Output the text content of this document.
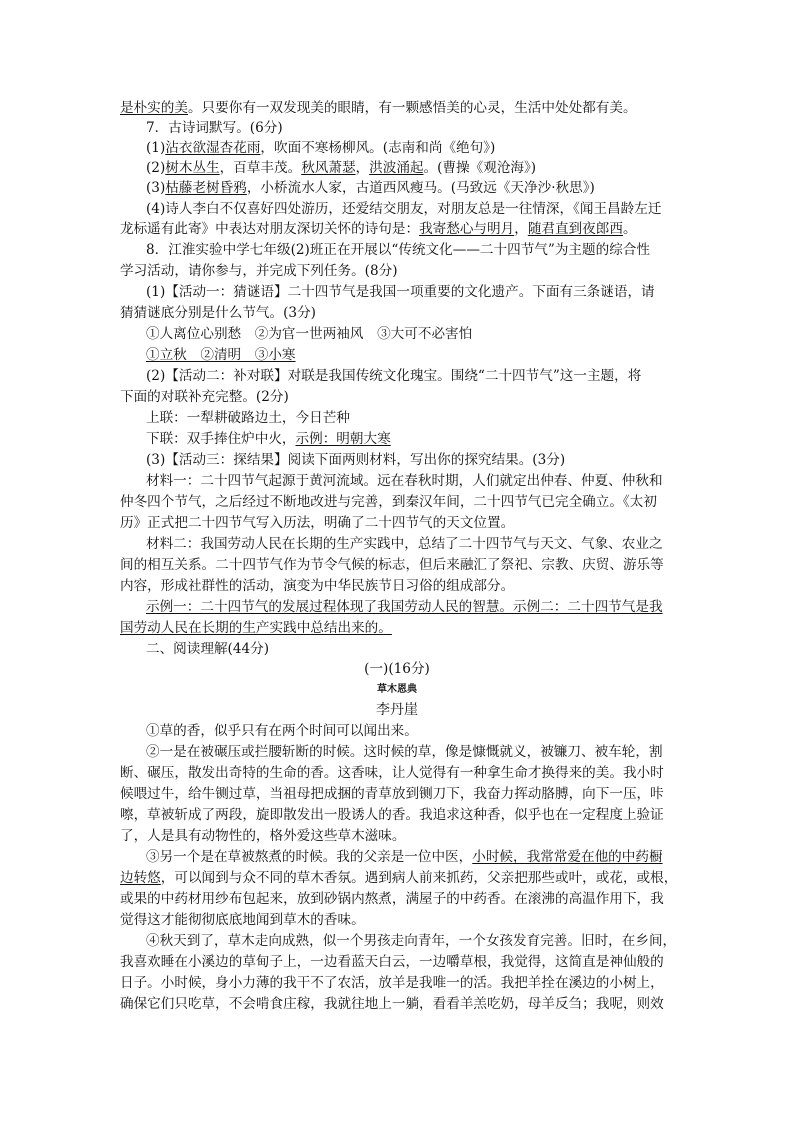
是朴实的美。只要你有一双发现美的眼睛，有一颗感悟美的心灵，生活中处处都有美。
7．古诗词默写。(6分)
(1)沾衣欲湿杏花雨，吹面不寒杨柳风。(志南和尚《绝句》)
(2)树木丛生，百草丰茂。秋风萧瑟，洪波涌起。(曹操《观沧海》)
(3)枯藤老树昏鸦，小桥流水人家，古道西风瘦马。(马致远《天净沙·秋思》)
(4)诗人李白不仅喜好四处游历，还爱结交朋友，对朋友总是一往情深，《闻王昌龄左迁
龙标遥有此寄》中表达对朋友深切关怀的诗句是：我寄愁心与明月，随君直到夜郎西。
8．江淮实验中学七年级(2)班正在开展以“传统文化——二十四节气”为主题的综合性
学习活动，请你参与，并完成下列任务。(8分)
(1)【活动一：猜谜语】二十四节气是我国一项重要的文化遗产。下面有三条谜语，请
猜猜谜底分别是什么节气。(3分)
①人离位心别愁　②为官一世两袖风　③大可不必害怕
①立秋　②清明　③小寒
(2)【活动二：补对联】对联是我国传统文化瑰宝。围绕“二十四节气”这一主题，将
下面的对联补充完整。(2分)
上联：一犁耕破路边土，今日芒种
下联：双手捧住炉中火，示例：明朝大寒
(3)【活动三：探结果】阅读下面两则材料，写出你的探究结果。(3分)
材料一：二十四节气起源于黄河流域。远在春秋时期，人们就定出仲春、仲夏、仲秋和
仲冬四个节气，之后经过不断地改进与完善，到秦汉年间，二十四节气已完全确立。《太初
历》正式把二十四节气写入历法，明确了二十四节气的天文位置。
材料二：我国劳动人民在长期的生产实践中，总结了二十四节气与天文、气象、农业之
间的相互关系。二十四节气作为节令气候的标志，但后来融汇了祭祀、宗教、庆贸、游乐等
内容，形成社群性的活动，演变为中华民族节日习俗的组成部分。
示例一：二十四节气的发展过程体现了我国劳动人民的智慧。示例二：二十四节气是我
国劳动人民在长期的生产实践中总结出来的。
二、阅读理解(44分)
(一)(16分)
草木恩典
李丹崖
①草的香，似乎只有在两个时间可以闻出来。
②一是在被碾压或拦腰斩断的时候。这时候的草，像是慷慨就义，被镰刀、被车轮，割
断、碾压，散发出奇特的生命的香。这香味，让人觉得有一种拿生命才换得来的美。我小时
候喂过牛，给牛铡过草，当祖母把成捆的青草放到铡刀下，我奋力挥动胳膊，向下一压，咔
嚓，草被斩成了两段，旋即散发出一股诱人的香。我追求这种香，似乎也在一定程度上验证
了，人是具有动物性的，格外爱这些草木滋味。
③另一个是在草被熬煮的时候。我的父亲是一位中医，小时候，我常常爱在他的中药橱
边转悠，可以闻到与众不同的草木香氛。遇到病人前来抓药，父亲把那些或叶，或花，或根，
或果的中药材用纱布包起来，放到砂锅内熬煮，满屋子的中药香。在滚沸的高温作用下，我
觉得这才能彻彻底底地闻到草木的香味。
④秋天到了，草木走向成熟，似一个男孩走向青年，一个女孩发育完善。旧时，在乡间，
我喜欢睡在小溪边的草甸子上，一边看蓝天白云，一边嚼草根，我觉得，这简直是神仙般的
日子。小时候，身小力薄的我干不了农活，放羊是我唯一的活。我把羊拴在溪边的小树上，
确保它们只吃草，不会啃食庄稼，我就往地上一躺，看看羊羔吃奶，母羊反刍；我呢，则效
